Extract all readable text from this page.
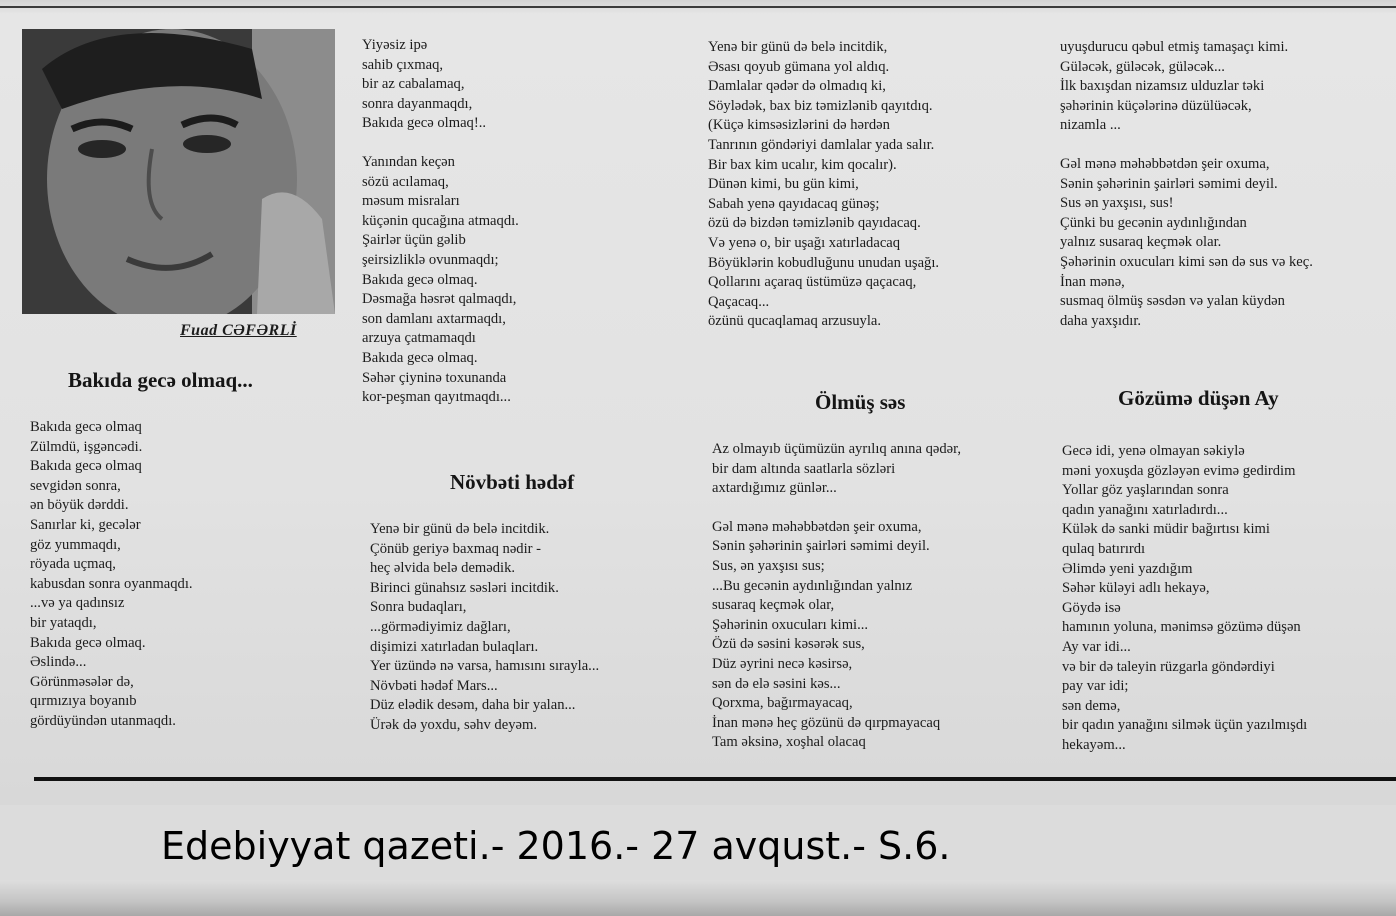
Fuad CƏFƏRLİ
Bakıda gecə olmaq...
Bakıda gecə olmaq
Zülmdü, işgəncədi.
Bakıda gecə olmaq
sevgidən sonra,
ən böyük dərddi.
Sanırlar ki, gecələr
göz yummaqdı,
röyada uçmaq,
kabusdan sonra oyanmaqdı.
...və ya qadınsız
bir yataqdı,
Bakıda gecə olmaq.
Əslində...
Görünməsələr də,
qırmızıya boyanıb
gördüyündən utanmaqdı.
Yiyəsiz ipə
sahib çıxmaq,
bir az cabalamaq,
sonra dayanmaqdı,
Bakıda gecə olmaq!..
Yanından keçən
sözü acılamaq,
məsum misraları
küçənin qucağına atmaqdı.
Şairlər üçün gəlib
şeirsizliklə ovunmaqdı;
Bakıda gecə olmaq.
Dəsmağa həsrət qalmaqdı,
son damlanı axtarmaqdı,
arzuya çatmamaqdı
Bakıda gecə olmaq.
Səhər çiyninə toxunanda
kor-peşman qayıtmaqdı...
Növbəti hədəf
Yenə bir günü də belə incitdik.
Çönüb geriyə baxmaq nədir -
heç əlvida belə demədik.
Birinci günahsız səsləri incitdik.
Sonra budaqları,
...görmədiyimiz dağları,
dişimizi xatırladan bulaqları.
Yer üzündə nə varsa, hamısını sırayla...
Növbəti hədəf Mars...
Düz elədik desəm, daha bir yalan...
Ürək də yoxdu, səhv deyəm.
Yenə bir günü də belə incitdik,
Əsası qoyub gümana yol aldıq.
Damlalar qədər də olmadıq ki,
Söylədək, bax biz təmizlənib qayıtdıq.
(Küçə kimsəsizlərini də hərdən
Tanrının göndəriyi damlalar yada salır.
Bir bax kim ucalır, kim qocalır).
Dünən kimi, bu gün kimi,
Sabah yenə qayıdacaq günəş;
özü də bizdən təmizlənib qayıdacaq.
Və yenə o, bir uşağı xatırladacaq
Böyüklərin kobudluğunu unudan uşağı.
Qollarını açaraq üstümüzə qaçacaq,
Qaçacaq...
özünü qucaqlamaq arzusuyla.
Ölmüş səs
Az olmayıb üçümüzün ayrılıq anına qədər,
bir dam altında saatlarla sözləri
axtardığımız günlər...
Gəl mənə məhəbbətdən şeir oxuma,
Sənin şəhərinin şairləri səmimi deyil.
Sus, ən yaxşısı sus;
...Bu gecənin aydınlığından yalnız
susaraq keçmək olar,
Şəhərinin oxucuları kimi...
Özü də səsini kəsərək sus,
Düz əyrini necə kəsirsə,
sən də elə səsini kəs...
Qorxma, bağırmayacaq,
İnan mənə heç gözünü də qırpmayacaq
Tam əksinə, xoşhal olacaq
uyuşdurucu qəbul etmiş tamaşaçı kimi.
Güləcək, güləcək, güləcək...
İlk baxışdan nizamsız ulduzlar təki
şəhərinin küçələrinə düzülüəcək,
nizamla ...
Gəl mənə məhəbbətdən şeir oxuma,
Sənin şəhərinin şairləri səmimi deyil.
Sus ən yaxşısı, sus!
Çünki bu gecənin aydınlığından
yalnız susaraq keçmək olar.
Şəhərinin oxucuları kimi sən də sus və keç.
İnan mənə,
susmaq ölmüş səsdən və yalan küydən
daha yaxşıdır.
Gözümə düşən Ay
Gecə idi, yenə olmayan səkiylə
məni yoxuşda gözləyən evimə gedirdim
Yollar göz yaşlarından sonra
qadın yanağını xatırladırdı...
Külək də sanki müdir bağırtısı kimi
qulaq batırırdı
Əlimdə yeni yazdığım
Səhər küləyi adlı hekayə,
Göydə isə
hamının yoluna, mənimsə gözümə düşən
Ay var idi...
və bir də taleyin rüzgarla göndərdiyi
pay var idi;
sən demə,
bir qadın yanağını silmək üçün yazılmışdı
hekayəm...
Edebiyyat qazeti.- 2016.- 27 avqust.- S.6.
